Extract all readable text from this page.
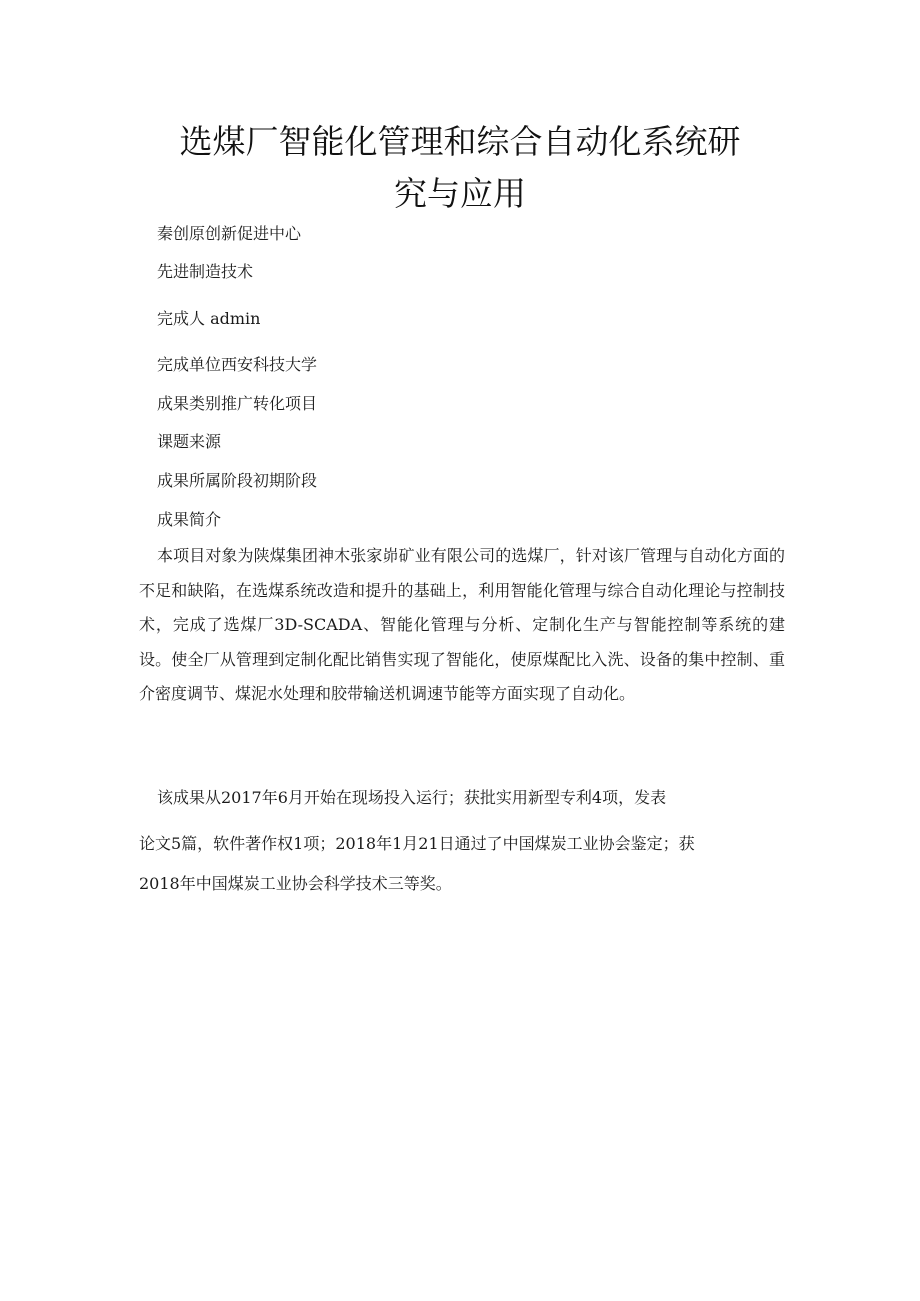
选煤厂智能化管理和综合自动化系统研
究与应用
秦创原创新促进中心
先进制造技术
完成人 admin
完成单位西安科技大学
成果类别推广转化项目
课题来源
成果所属阶段初期阶段
成果简介

本项目对象为陕煤集团神木张家峁矿业有限公司的选煤厂，针对该厂管理与自动化方面的不足和缺陷，在选煤系统改造和提升的基础上，利用智能化管理与综合自动化理论与控制技术，完成了选煤厂3D-SCADA、智能化管理与分析、定制化生产与智能控制等系统的建设。使全厂从管理到定制化配比销售实现了智能化，使原煤配比入洗、设备的集中控制、重介密度调节、煤泥水处理和胶带输送机调速节能等方面实现了自动化。

该成果从2017年6月开始在现场投入运行；获批实用新型专利4项，发表
论文5篇，软件著作权1项；2018年1月21日通过了中国煤炭工业协会鉴定；获
2018年中国煤炭工业协会科学技术三等奖。
